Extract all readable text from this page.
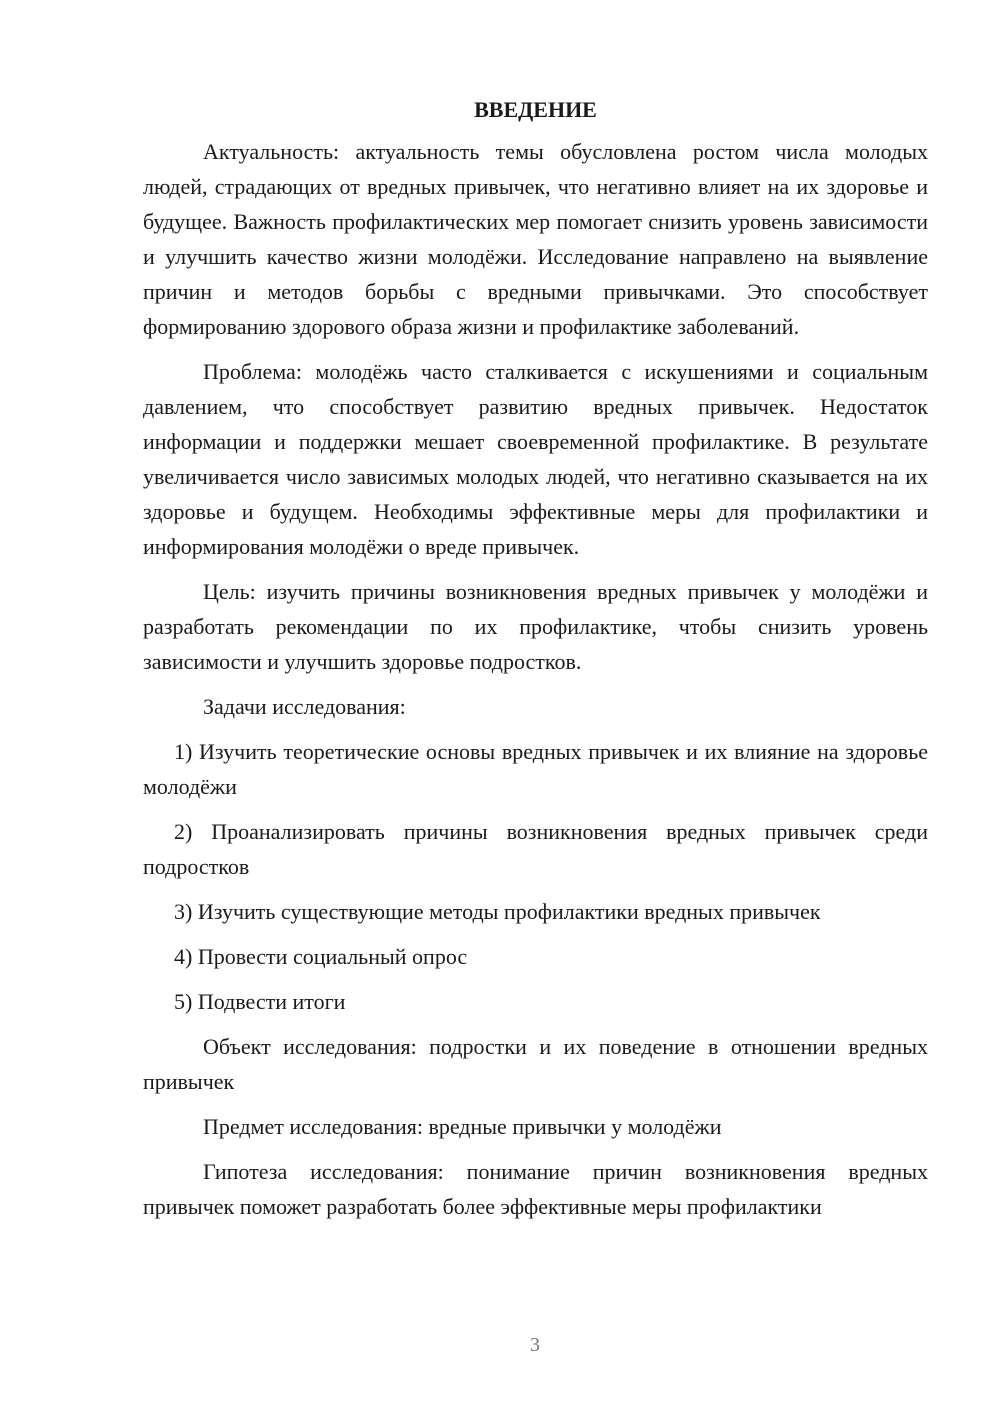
ВВЕДЕНИЕ

Актуальность: актуальность темы обусловлена ростом числа молодых людей, страдающих от вредных привычек, что негативно влияет на их здоровье и будущее. Важность профилактических мер помогает снизить уровень зависимости и улучшить качество жизни молодёжи. Исследование направлено на выявление причин и методов борьбы с вредными привычками. Это способствует формированию здорового образа жизни и профилактике заболеваний.

Проблема: молодёжь часто сталкивается с искушениями и социальным давлением, что способствует развитию вредных привычек. Недостаток информации и поддержки мешает своевременной профилактике. В результате увеличивается число зависимых молодых людей, что негативно сказывается на их здоровье и будущем. Необходимы эффективные меры для профилактики и информирования молодёжи о вреде привычек.

Цель: изучить причины возникновения вредных привычек у молодёжи и разработать рекомендации по их профилактике, чтобы снизить уровень зависимости и улучшить здоровье подростков.

Задачи исследования:

1) Изучить теоретические основы вредных привычек и их влияние на здоровье молодёжи

2) Проанализировать причины возникновения вредных привычек среди подростков

3) Изучить существующие методы профилактики вредных привычек

4) Провести социальный опрос

5) Подвести итоги

Объект исследования: подростки и их поведение в отношении вредных привычек

Предмет исследования: вредные привычки у молодёжи

Гипотеза исследования: понимание причин возникновения вредных привычек поможет разработать более эффективные меры профилактики

3
